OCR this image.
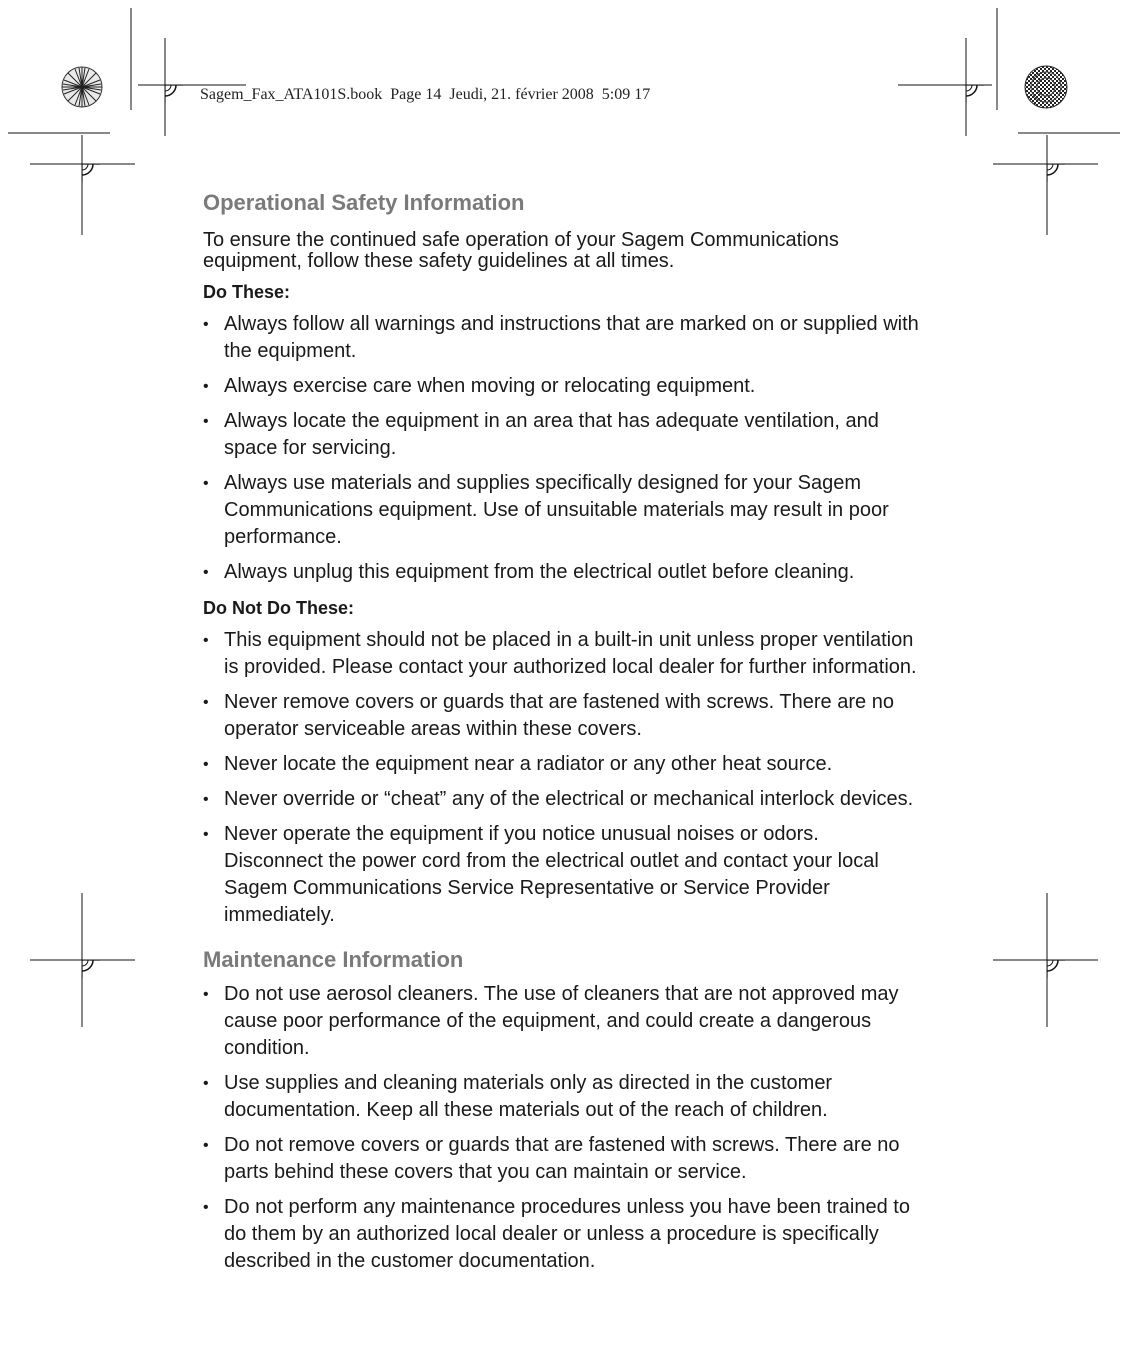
Sagem_Fax_ATA101S.book Page 14 Jeudi, 21. février 2008 5:09 17
Operational Safety Information

To ensure the continued safe operation of your Sagem Communications equipment, follow these safety guidelines at all times.

Do These:
• Always follow all warnings and instructions that are marked on or supplied with the equipment.
• Always exercise care when moving or relocating equipment.
• Always locate the equipment in an area that has adequate ventilation, and space for servicing.
• Always use materials and supplies specifically designed for your Sagem Communications equipment. Use of unsuitable materials may result in poor performance.
• Always unplug this equipment from the electrical outlet before cleaning.
Do Not Do These:
• This equipment should not be placed in a built-in unit unless proper ventilation is provided. Please contact your authorized local dealer for further information.
• Never remove covers or guards that are fastened with screws. There are no operator serviceable areas within these covers.
• Never locate the equipment near a radiator or any other heat source.
• Never override or “cheat” any of the electrical or mechanical interlock devices.
• Never operate the equipment if you notice unusual noises or odors. Disconnect the power cord from the electrical outlet and contact your local Sagem Communications Service Representative or Service Provider immediately.
Maintenance Information
• Do not use aerosol cleaners. The use of cleaners that are not approved may cause poor performance of the equipment, and could create a dangerous condition.
• Use supplies and cleaning materials only as directed in the customer documentation. Keep all these materials out of the reach of children.
• Do not remove covers or guards that are fastened with screws. There are no parts behind these covers that you can maintain or service.
• Do not perform any maintenance procedures unless you have been trained to do them by an authorized local dealer or unless a procedure is specifically described in the customer documentation.
